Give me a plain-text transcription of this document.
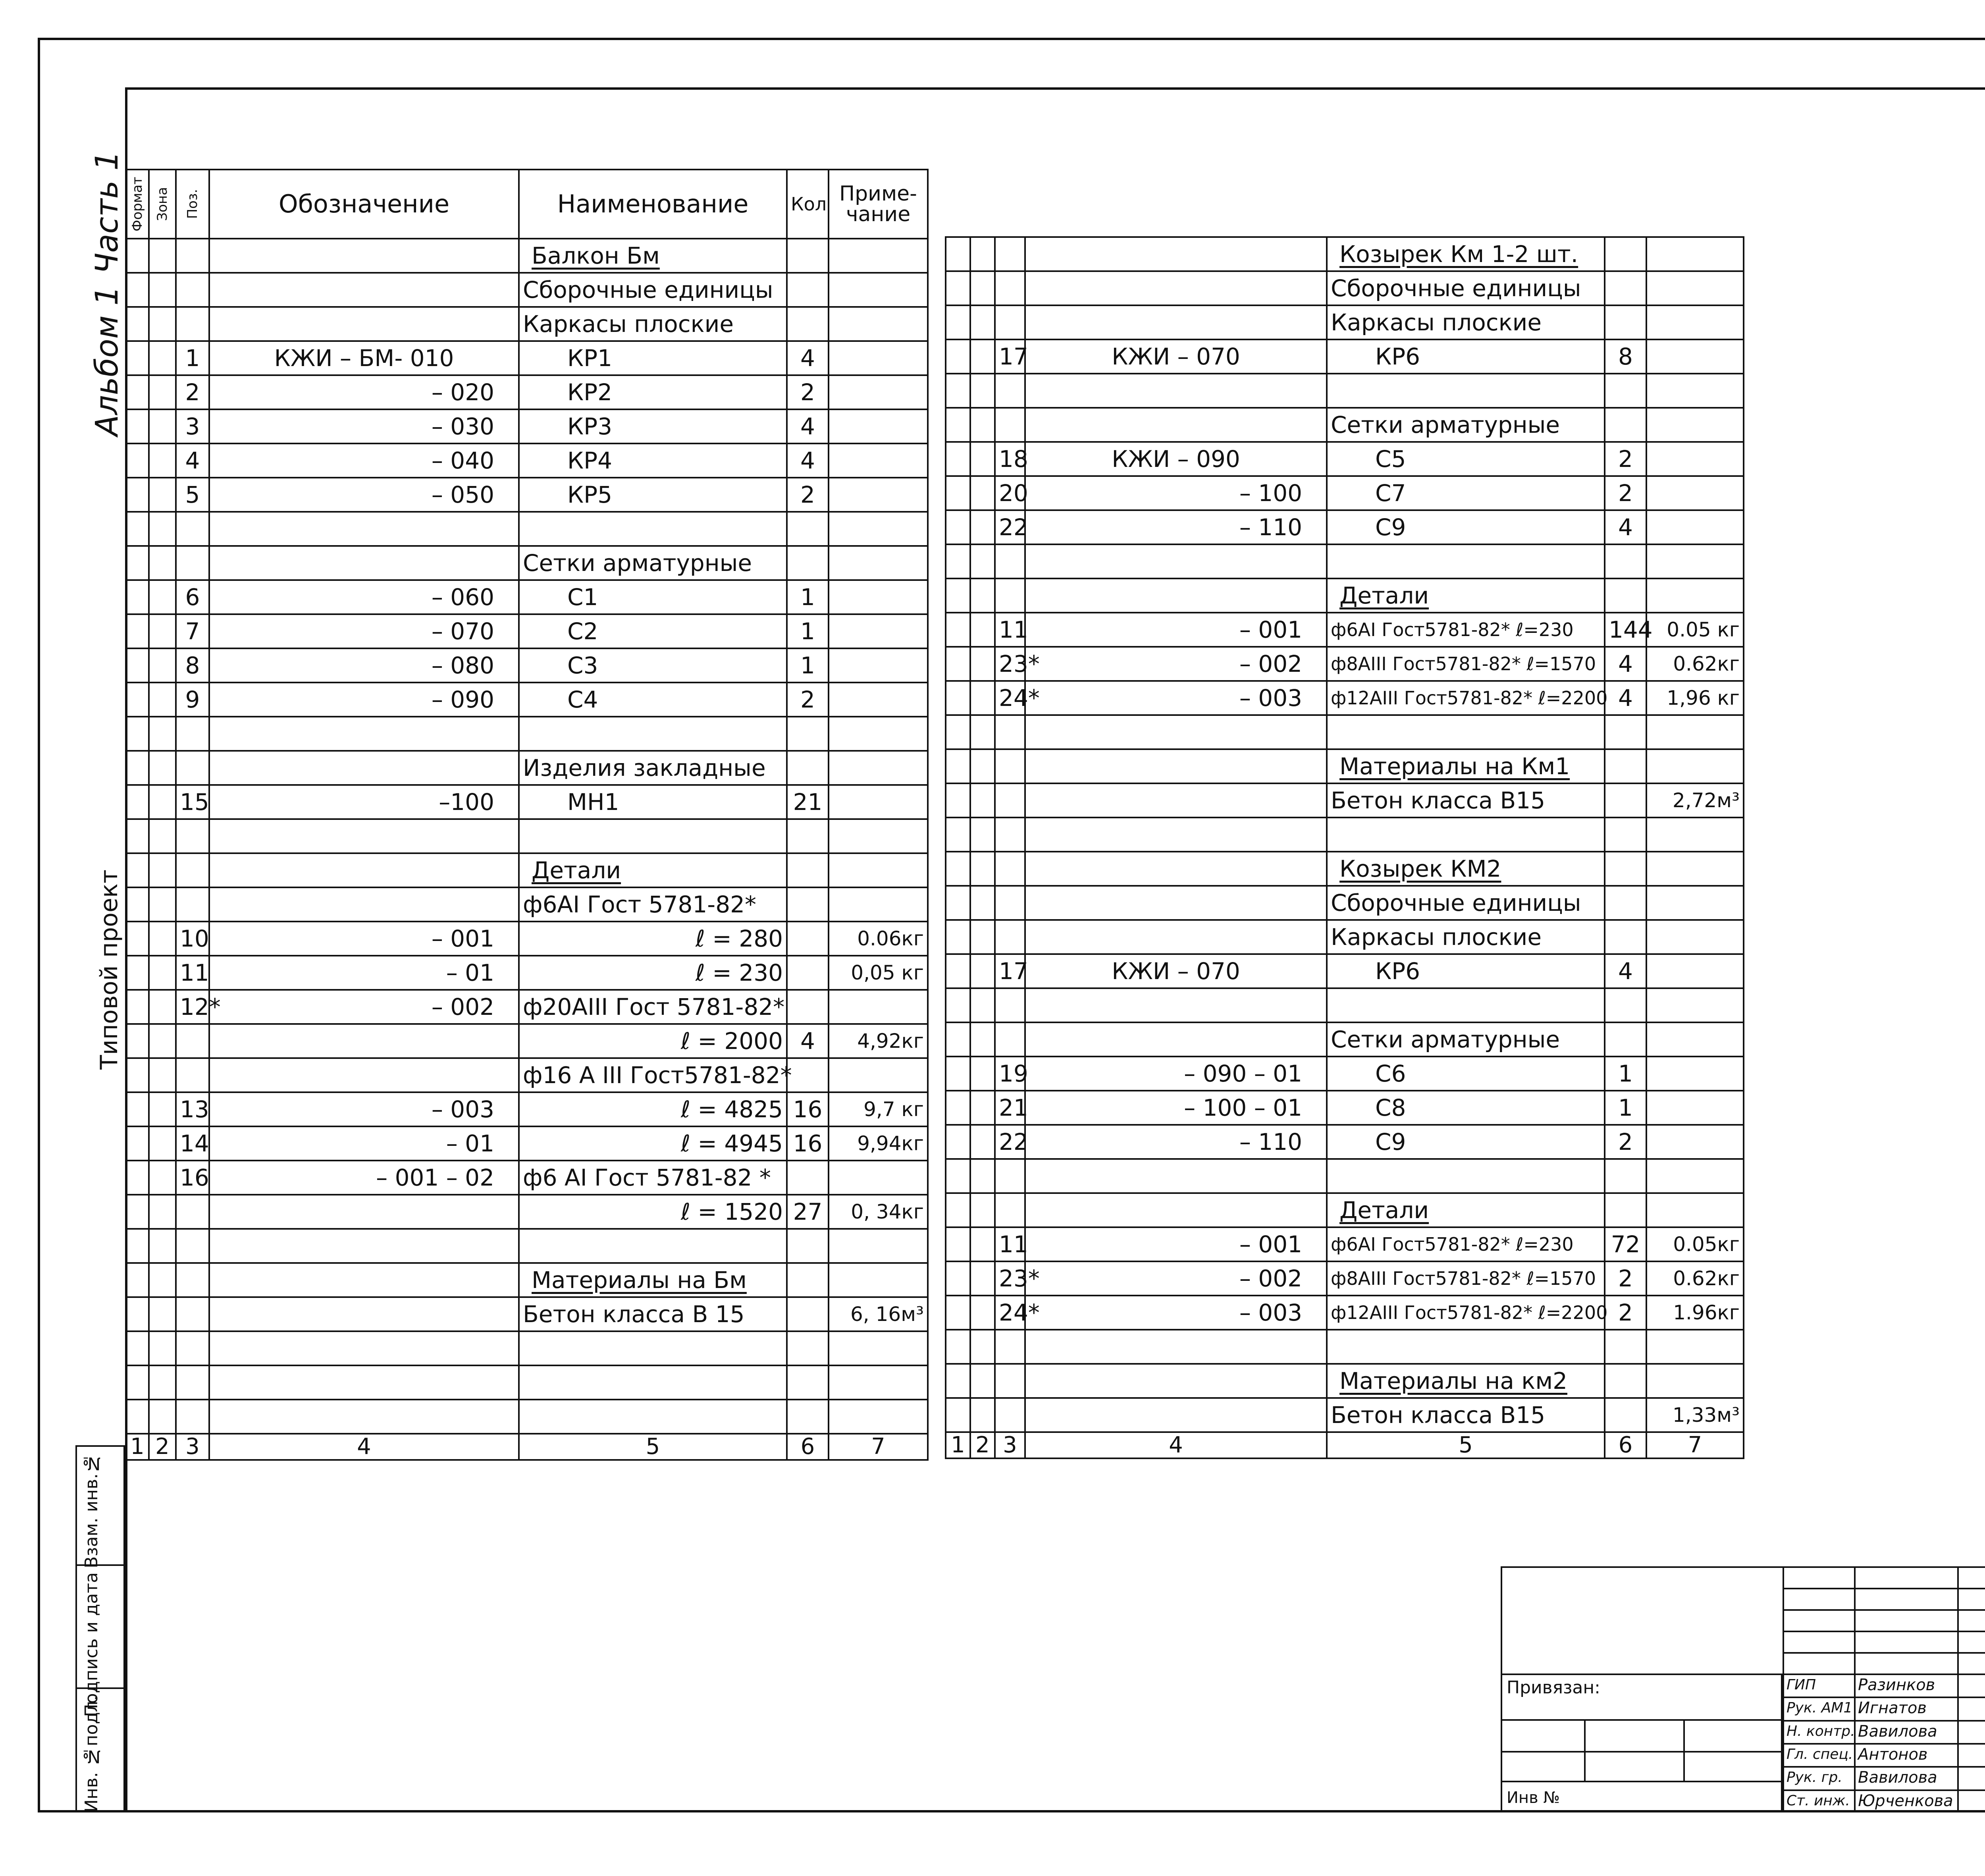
Альбом 1
Часть 1
Типовой проект
Инв. №подл.
Подпись и дата
Взам. инв.№
Формат	Зона	Поз.	Обозначение	Наименование	Кол	Приме-чание
				Балкон Бм		
				Сборочные единицы		
				Каркасы плоские		
		1	КЖИ – БМ- 010	КР1	4	
		2	– 020	КР2	2	
		3	– 030	КР3	4	
		4	– 040	КР4	4	
		5	– 050	КР5	2	

				Сетки арматурные		
		6	– 060	С1	1	
		7	– 070	С2	1	
		8	– 080	С3	1	
		9	– 090	С4	2	

				Изделия закладные		
		15	–100	МН1	21	

				Детали		
				ф6АI Гост 5781-82*		
		10	– 001	ℓ = 280		0.06кг
		11	– 01	ℓ = 230		0,05 кг
		12*	– 002	ф20АIII Гост 5781-82*		
				ℓ = 2000	4	4,92кг
				ф16 А III Гост5781-82*		
		13	– 003	ℓ = 4825	16	9,7 кг
		14	– 01	ℓ = 4945	16	9,94кг
		16	– 001 – 02	ф6 АI Гост 5781-82 *		
				ℓ = 1520	27	0, 34кг

				Материалы на Бм		
				Бетон класса В 15		6, 16м³

1	2	3	4	5	6	7
				Козырек Км 1-2 шт.		
				Сборочные единицы		
				Каркасы плоские		
		17	КЖИ – 070	КР6	8	

				Сетки арматурные		
		18	КЖИ – 090	С5	2	
		20	– 100	С7	2	
		22	– 110	С9	4	

				Детали		
		11	– 001	ф6АI Гост5781-82* ℓ=230	144	0.05 кг
		23*	– 002	ф8АIII Гост5781-82* ℓ=1570	4	0.62кг
		24*	– 003	ф12АIII Гост5781-82* ℓ=2200	4	1,96 кг

				Материалы на Км1		
				Бетон класса В15		2,72м³

				Козырек КМ2		
				Сборочные единицы		
				Каркасы плоские		
		17	КЖИ – 070	КР6	4	

				Сетки арматурные		
		19	– 090 – 01	С6	1	
		21	– 100 – 01	С8	1	
		22	– 110	С9	2	

				Детали		
		11	– 001	ф6АI Гост5781-82* ℓ=230	72	0.05кг
		23*	– 002	ф8АIII Гост5781-82* ℓ=1570	2	0.62кг
		24*	– 003	ф12АIII Гост5781-82* ℓ=2200	2	1.96кг

				Материалы на км2		
				Бетон класса В15		1,33м³
1	2	3	4	5	6	7

Привязан:
Инв №
ГИП	Разинков
Рук. АМ1 Игнатов
Н. контр. Вавилова
Гл. спец. Антонов
Рук. гр. Вавилова
Ст. инж. Юрченкова
